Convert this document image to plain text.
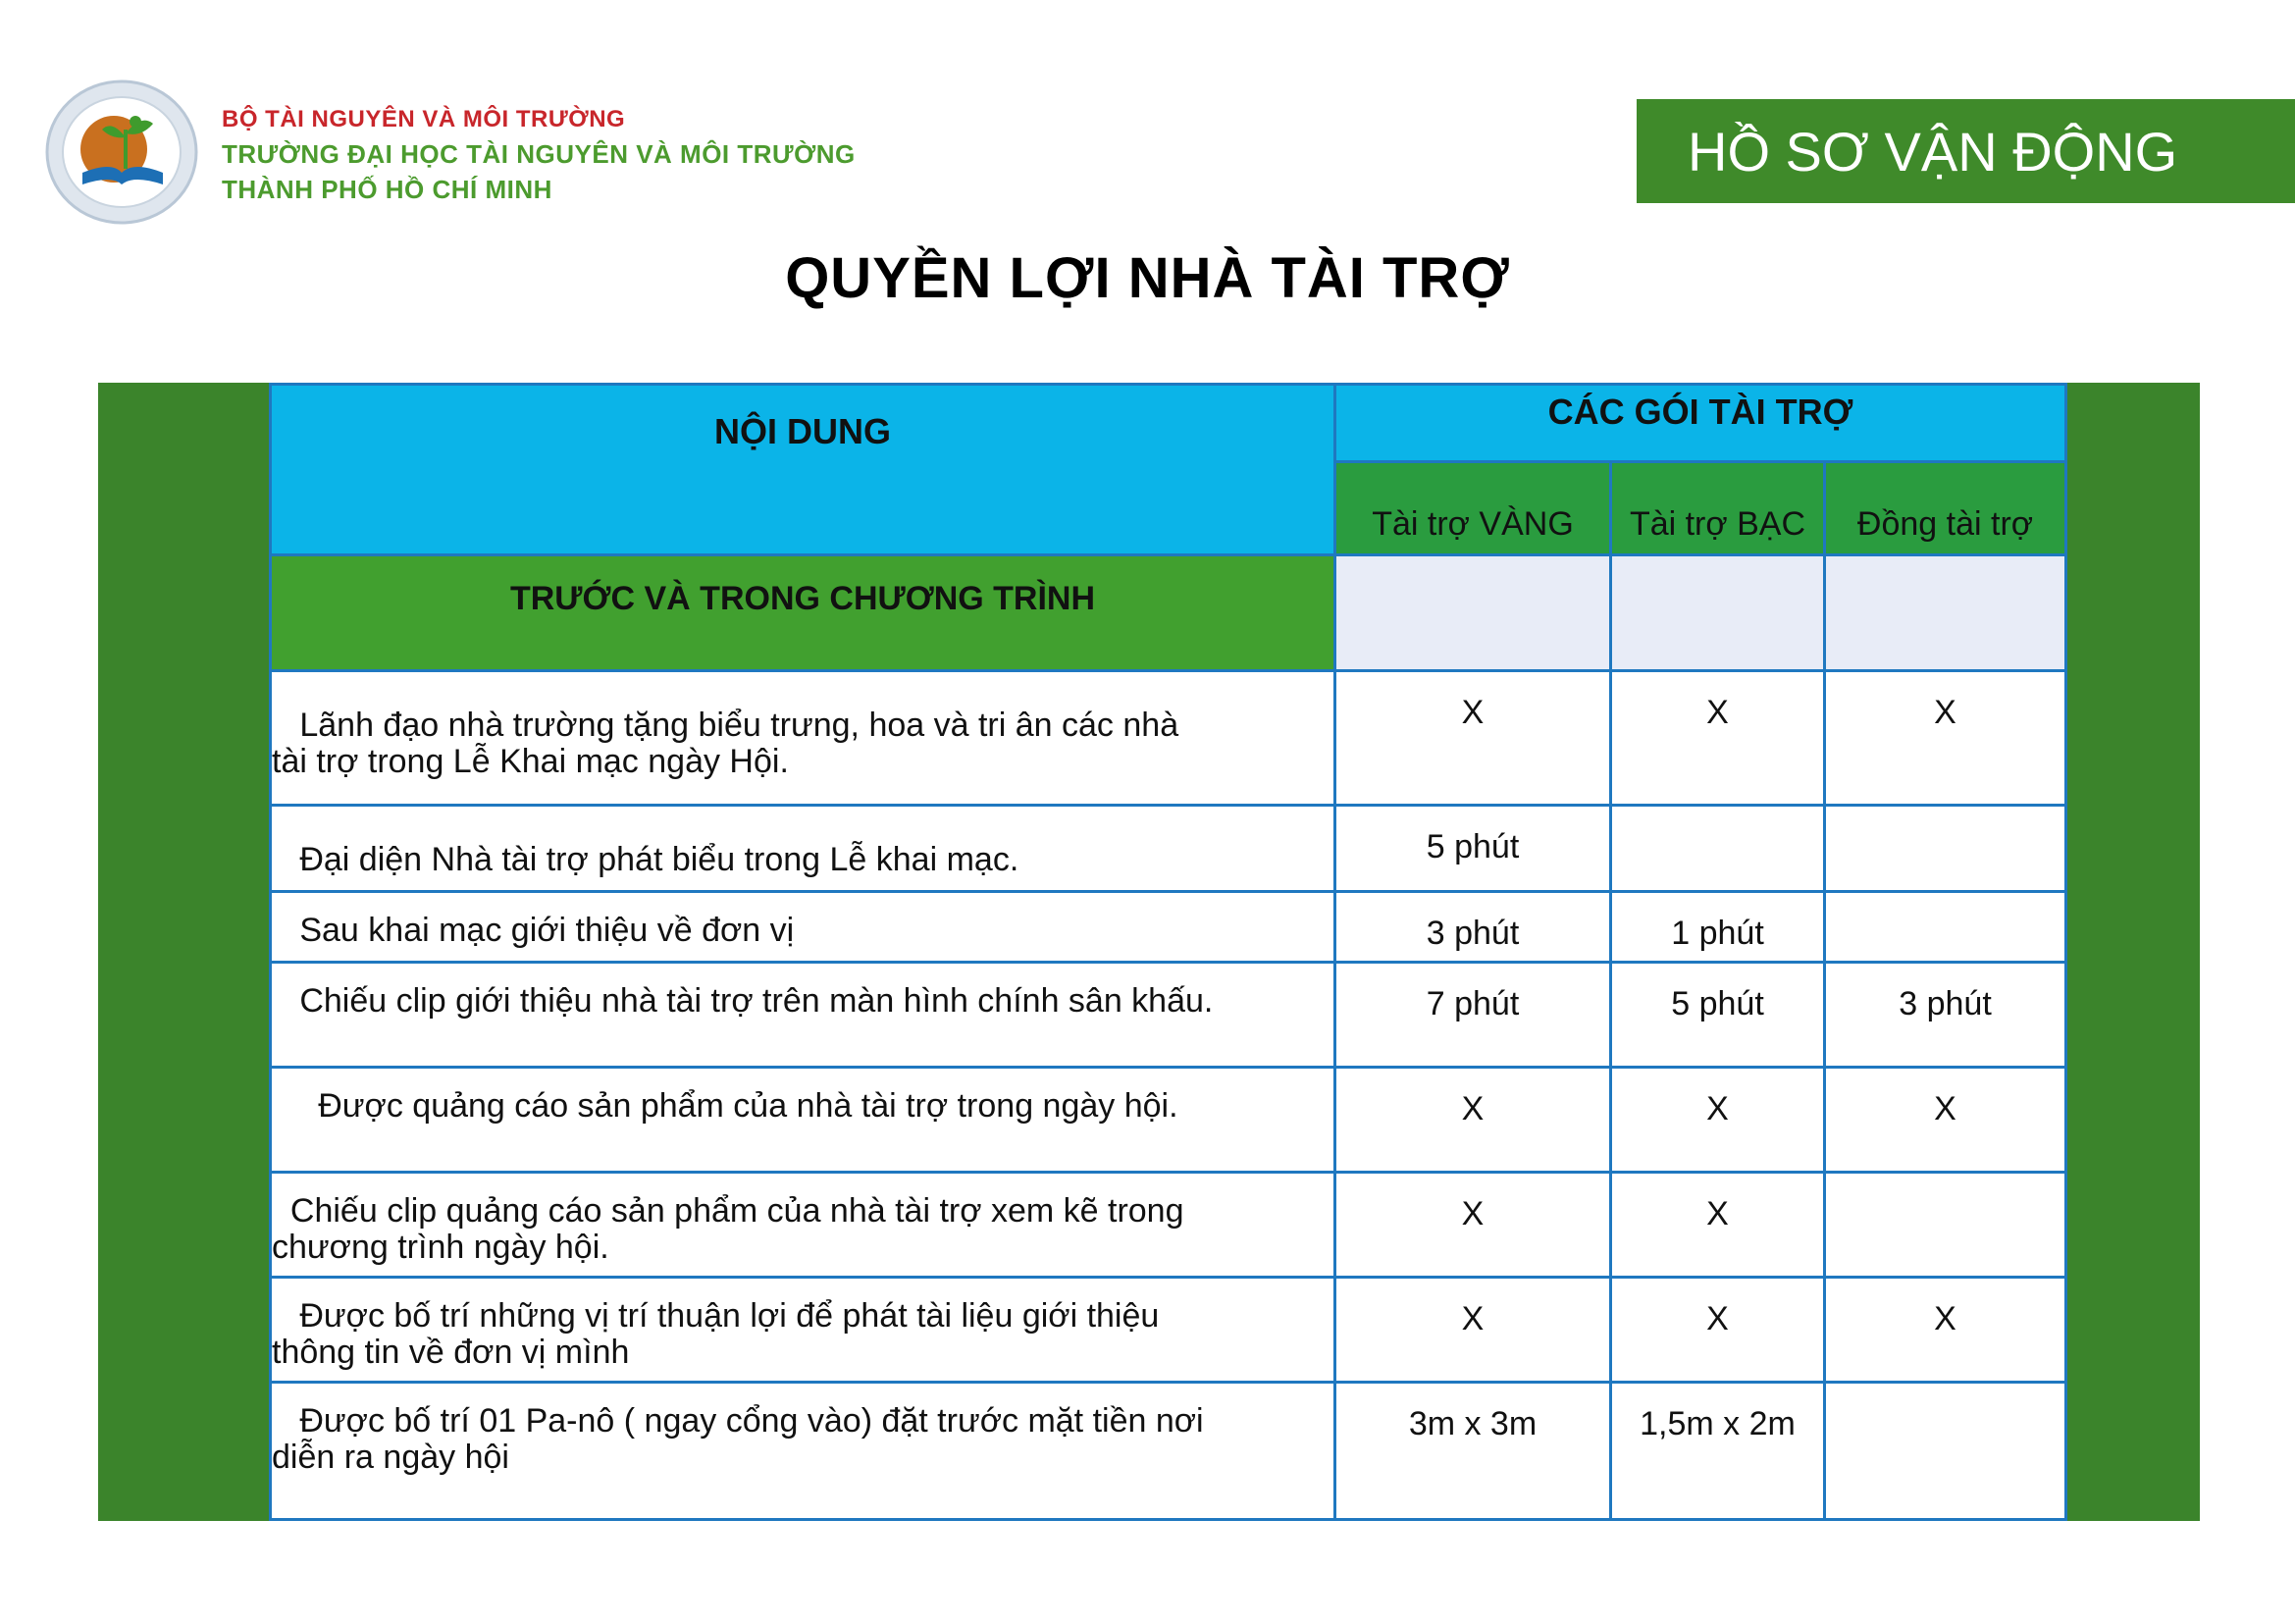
BỘ TÀI NGUYÊN VÀ MÔI TRƯỜNG
TRƯỜNG ĐẠI HỌC TÀI NGUYÊN VÀ MÔI TRƯỜNG
THÀNH PHỐ HỒ CHÍ MINH
HỒ SƠ VẬN ĐỘNG
QUYỀN LỢI NHÀ TÀI TRỢ
NỘI DUNG	CÁC GÓI TÀI TRỢ		
	Tài trợ VÀNG	Tài trợ BẠC	Đồng tài trợ
TRƯỚC VÀ TRONG CHƯƠNG TRÌNH			
Lãnh đạo nhà trường tặng biểu trưng, hoa và tri ân các nhà
tài trợ trong Lễ Khai mạc ngày Hội.	X	X	X
Đại diện Nhà tài trợ phát biểu trong Lễ khai mạc.	5 phút		
Sau khai mạc giới thiệu về đơn vị	3 phút	1 phút	
Chiếu clip giới thiệu nhà tài trợ trên màn hình chính sân khấu.	7 phút	5 phút	3 phút
Được quảng cáo sản phẩm của nhà tài trợ trong ngày hội.	X	X	X
Chiếu clip quảng cáo sản phẩm của nhà tài trợ xem kẽ trong
chương trình ngày hội.	X	X	
Được bố trí những vị trí thuận lợi để phát tài liệu giới thiệu
thông tin về đơn vị mình	X	X	X
Được bố trí 01 Pa-nô ( ngay cổng vào) đặt trước mặt tiền nơi
diễn ra ngày hội	3m x 3m	1,5m x 2m	
